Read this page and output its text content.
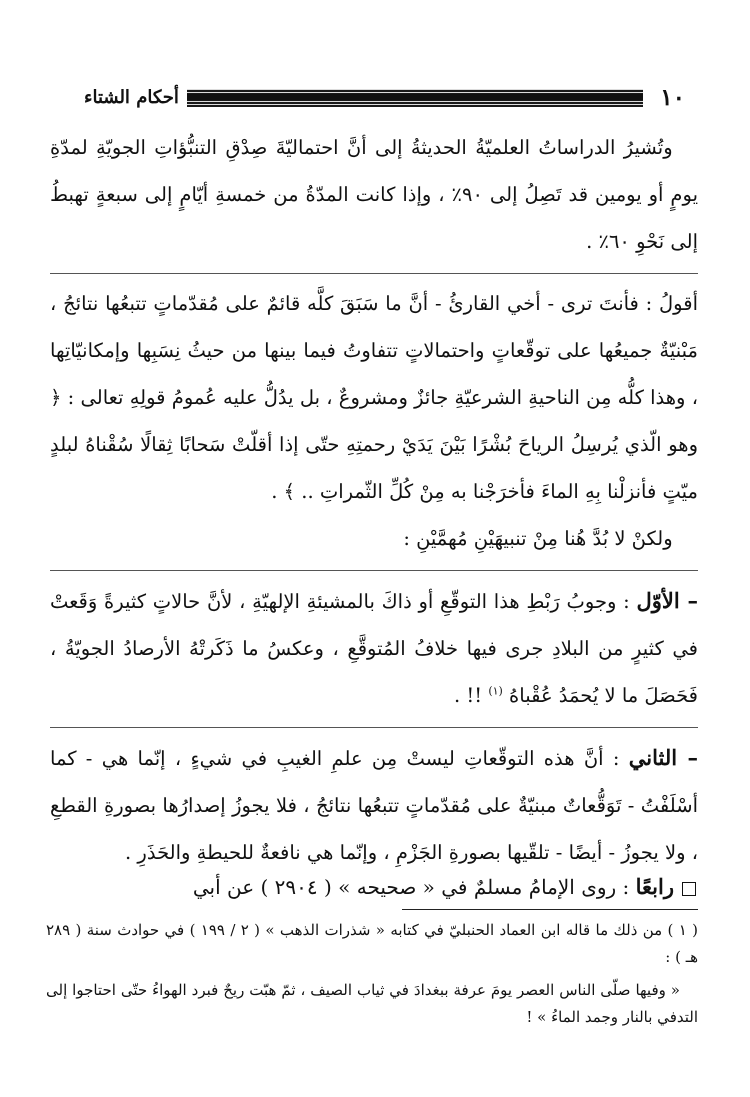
أحكام الشتاء	١٠

وتُشيرُ الدراساتُ العلميّةُ الحديثةُ إلى أنَّ احتماليّةَ صِدْقِ التنبُّؤاتِ الجويّةِ لمدّةِ يومٍ أو يومين قد تَصِلُ إلى ٩٠٪ ، وإذا كانت المدّةُ من خمسةِ أيّامٍ إلى سبعةٍ تهبطُ إلى نَحْوِ ٦٠٪ .

أقولُ : فأنتَ ترى - أخي القارئُ - أنَّ ما سَبَقَ كلَّه قائمٌ على مُقدّماتٍ تتبعُها نتائجُ ، مَبْنيّةٌ جميعُها على توقّعاتٍ واحتمالاتٍ تتفاوتُ فيما بينها من حيثُ نِسَبِها وإمكانيّاتِها ، وهذا كلُّه مِن الناحيةِ الشرعيّةِ جائزٌ ومشروعٌ ، بل يدُلُّ عليه عُمومُ قولِهِ تعالى : ﴿ وهو الّذي يُرسِلُ الرياحَ بُشْرًا بَيْنَ يَدَيْ رحمتِهِ حتّى إذا أقلّتْ سَحابًا ثِقالًا سُقْناهُ لبلدٍ ميّتٍ فأنزلْنا بِهِ الماءَ فأخرَجْنا به مِنْ كُلِّ الثّمراتِ .. ﴾ .

ولكنْ لا بُدَّ هُنا مِنْ تنبيهَيْنِ مُهمَّيْنِ :

– الأوّل : وجوبُ رَبْطِ هذا التوقّعِ أو ذاكَ بالمشيئةِ الإلهيّةِ ، لأنَّ حالاتٍ كثيرةً وَقَعتْ في كثيرٍ من البلادِ جرى فيها خلافُ المُتوقَّعِ ، وعكسُ ما ذَكَرتْهُ الأرصادُ الجويّةُ ، فَحَصَلَ ما لا يُحمَدُ عُقْباهُ $^{(١)}$ !! .

– الثاني : أنَّ هذه التوقّعاتِ ليستْ مِن علمِ الغيبِ في شيءٍ ، إنّما هي - كما أسْلَفْتُ - تَوَقُّعاتٌ مبنيّةٌ على مُقدّماتٍ تتبعُها نتائجُ ، فلا يجوزُ إصدارُها بصورةِ القطعِ ، ولا يجوزُ - أيضًا - تلقّيها بصورةِ الجَزْمِ ، وإنّما هي نافعةٌ للحيطةِ والحَذَرِ .

رابعًا : روى الإمامُ مسلمٌ في « صحيحه » ( ٢٩٠٤ ) عن أبي

( ١ ) من ذلك ما قاله ابن العماد الحنبليّ في كتابه « شذرات الذهب » ( ٢ / ١٩٩ ) في حوادث سنة ( ٢٨٩ هـ ) :

« وفيها صلّى الناس العصر يومَ عرفة ببغدادَ في ثياب الصيف ، ثمّ هبّت ريحٌ فبرد الهواءُ حتّى احتاجوا إلى التدفي بالنار وجمد الماءُ » !
